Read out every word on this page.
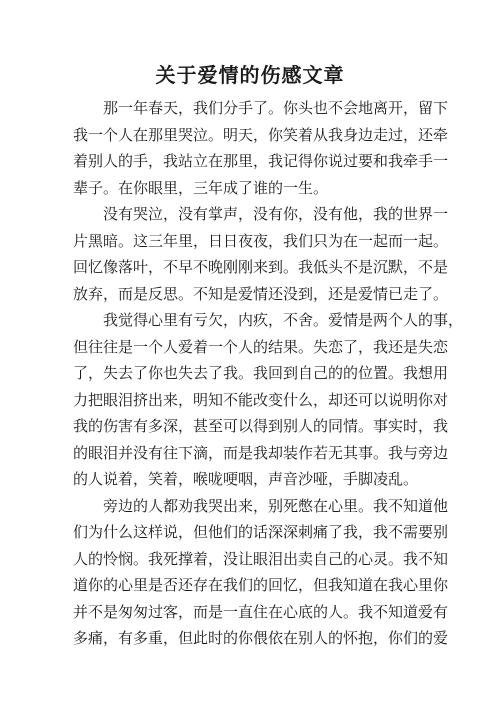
关于爱情的伤感文章
那一年春天，我们分手了。你头也不会地离开，留下
我一个人在那里哭泣。明天，你笑着从我身边走过，还牵
着别人的手，我站立在那里，我记得你说过要和我牵手一
辈子。在你眼里，三年成了谁的一生。
没有哭泣，没有掌声，没有你，没有他，我的世界一
片黑暗。这三年里，日日夜夜，我们只为在一起而一起。
回忆像落叶，不早不晚刚刚来到。我低头不是沉默，不是
放弃，而是反思。不知是爱情还没到，还是爱情已走了。
我觉得心里有亏欠，内疚，不舍。爱情是两个人的事，
但往往是一个人爱着一个人的结果。失恋了，我还是失恋
了，失去了你也失去了我。我回到自己的的位置。我想用
力把眼泪挤出来，明知不能改变什么，却还可以说明你对
我的伤害有多深，甚至可以得到别人的同情。事实时，我
的眼泪并没有往下滴，而是我却装作若无其事。我与旁边
的人说着，笑着，喉咙哽咽，声音沙哑，手脚凌乱。
旁边的人都劝我哭出来，别死憋在心里。我不知道他
们为什么这样说，但他们的话深深刺痛了我，我不需要别
人的怜悯。我死撑着，没让眼泪出卖自己的心灵。我不知
道你的心里是否还存在我们的回忆，但我知道在我心里你
并不是匆匆过客，而是一直住在心底的人。我不知道爱有
多痛，有多重，但此时的你偎依在别人的怀抱，你们的爱
